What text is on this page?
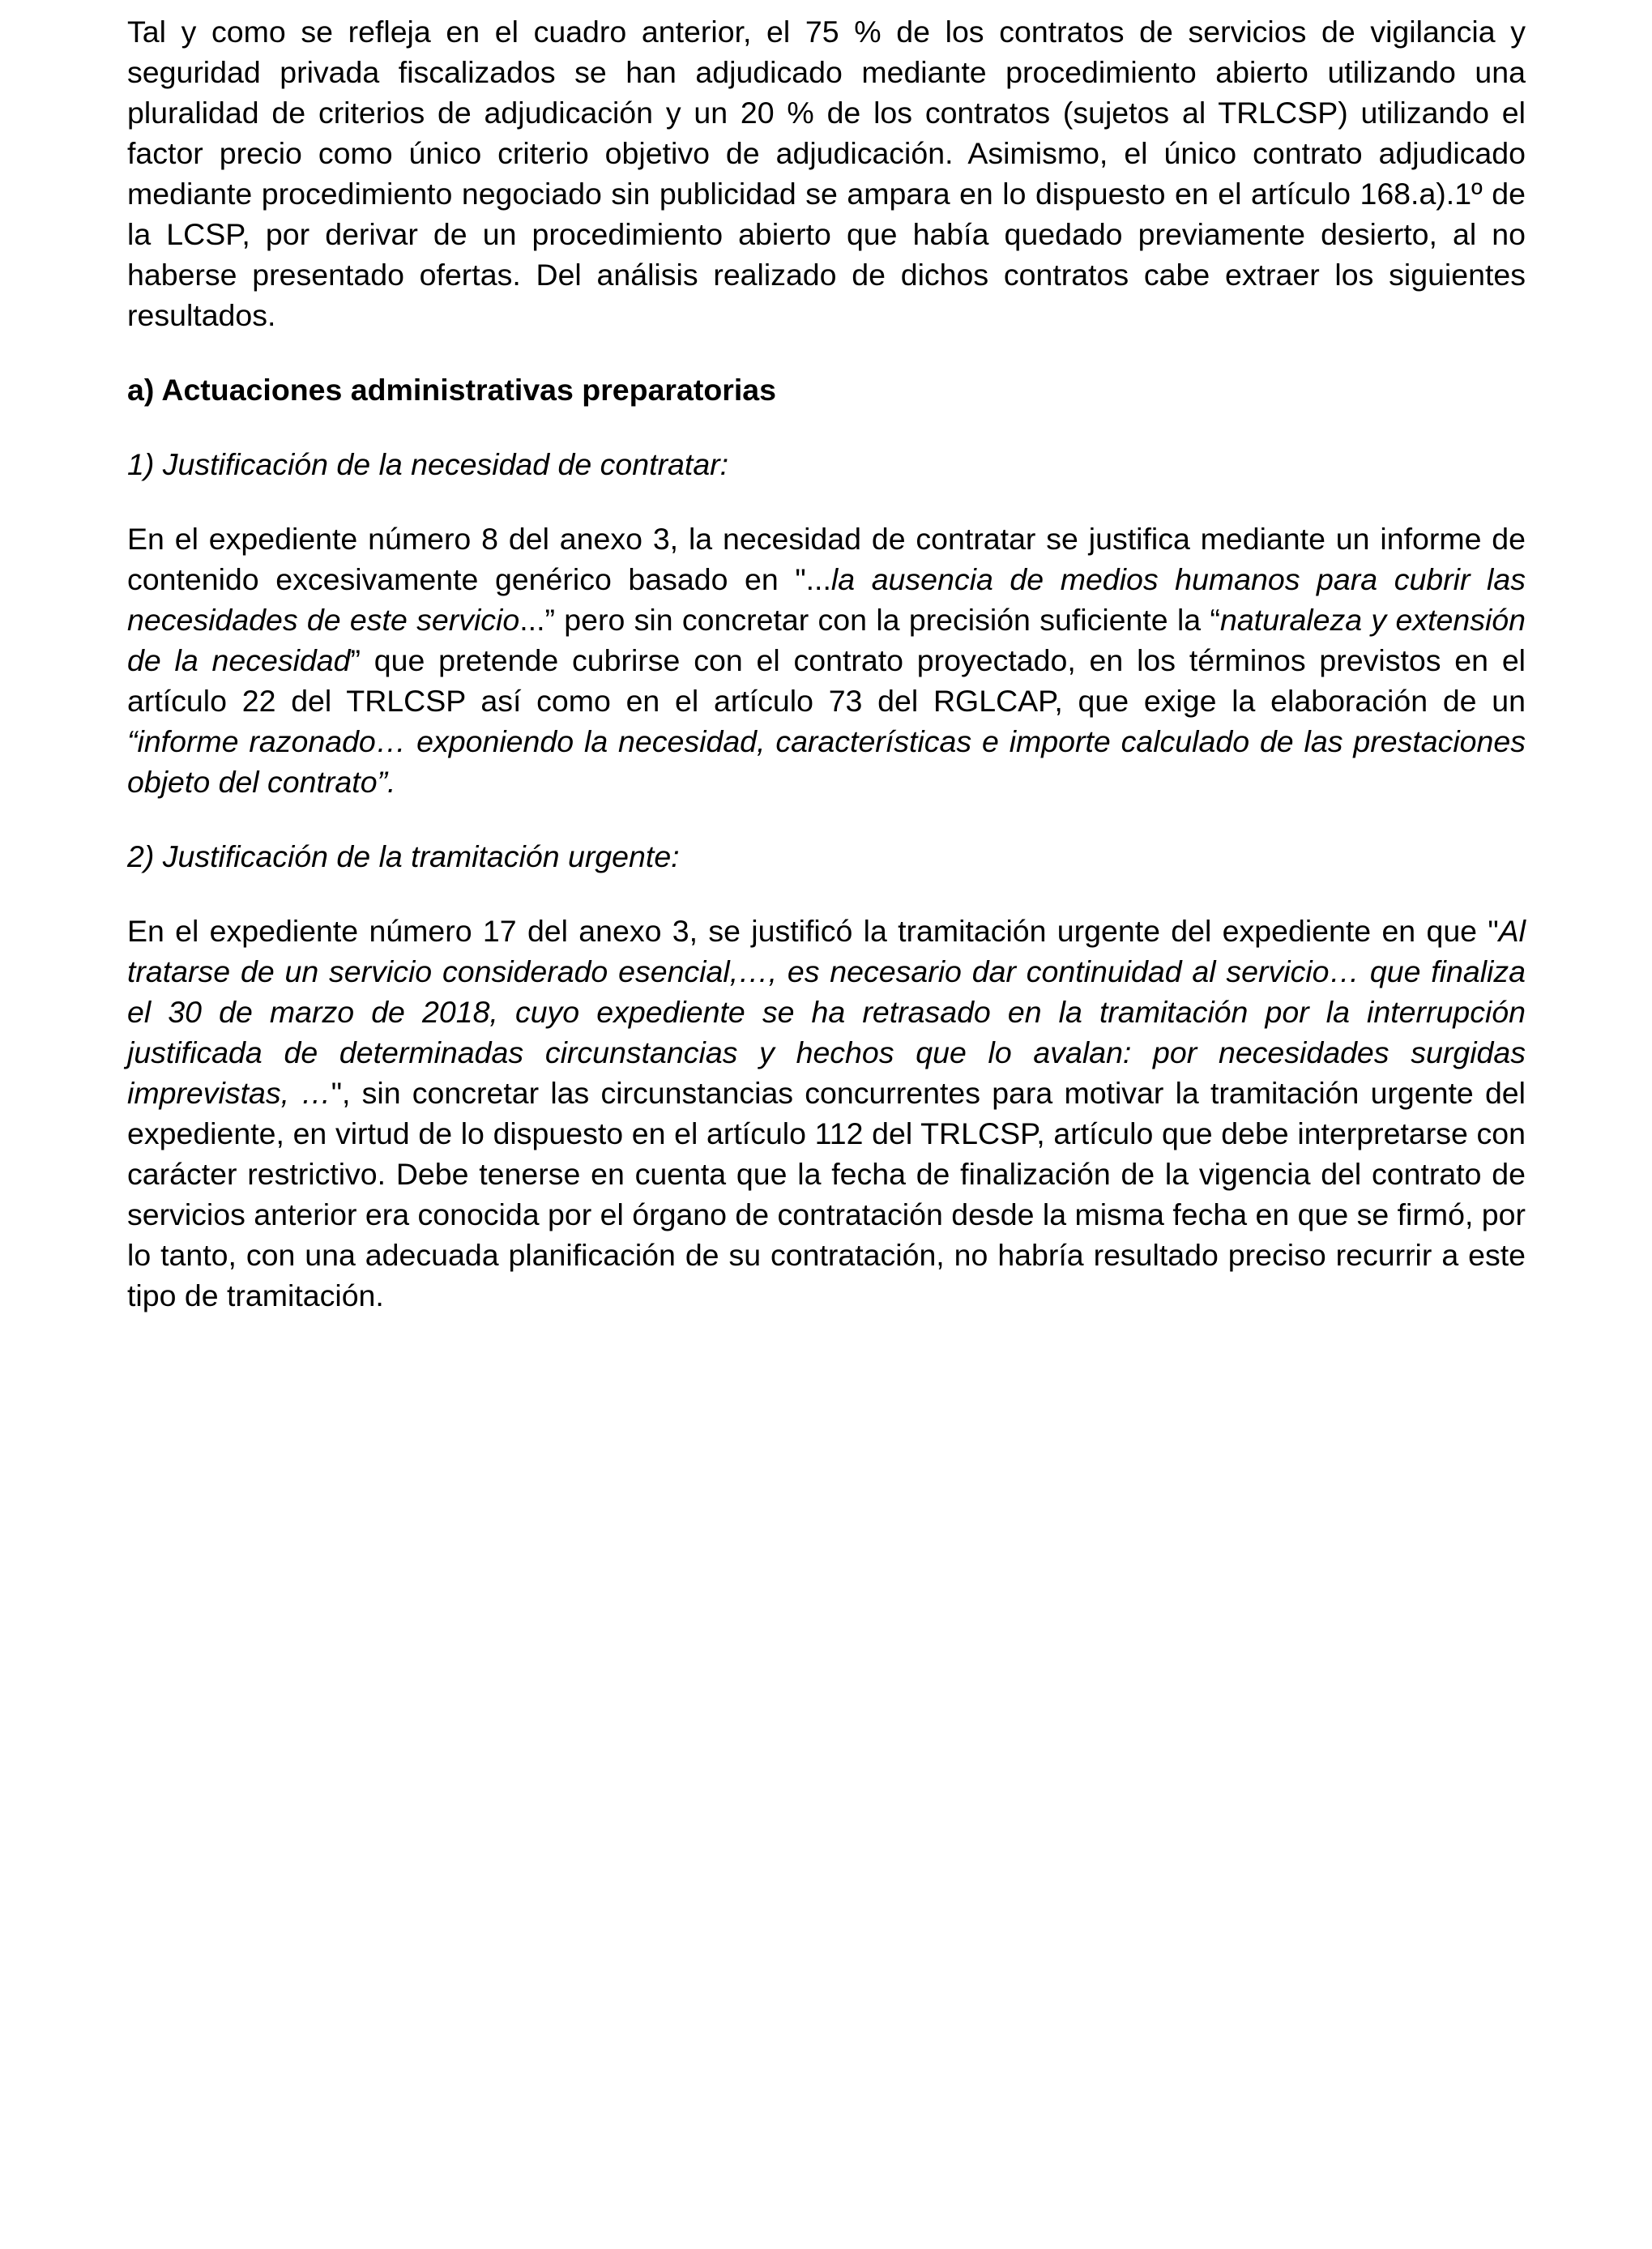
Tal y como se refleja en el cuadro anterior, el 75 % de los contratos de servicios de vigilancia y seguridad privada fiscalizados se han adjudicado mediante procedimiento abierto utilizando una pluralidad de criterios de adjudicación y un 20 % de los contratos (sujetos al TRLCSP) utilizando el factor precio como único criterio objetivo de adjudicación. Asimismo, el único contrato adjudicado mediante procedimiento negociado sin publicidad se ampara en lo dispuesto en el artículo 168.a).1º de la LCSP, por derivar de un procedimiento abierto que había quedado previamente desierto, al no haberse presentado ofertas. Del análisis realizado de dichos contratos cabe extraer los siguientes resultados.

a) Actuaciones administrativas preparatorias

1) Justificación de la necesidad de contratar:

En el expediente número 8 del anexo 3, la necesidad de contratar se justifica mediante un informe de contenido excesivamente genérico basado en "...la ausencia de medios humanos para cubrir las necesidades de este servicio...” pero sin concretar con la precisión suficiente la “naturaleza y extensión de la necesidad” que pretende cubrirse con el contrato proyectado, en los términos previstos en el artículo 22 del TRLCSP así como en el artículo 73 del RGLCAP, que exige la elaboración de un “informe razonado… exponiendo la necesidad, características e importe calculado de las prestaciones objeto del contrato”.

2) Justificación de la tramitación urgente:

En el expediente número 17 del anexo 3, se justificó la tramitación urgente del expediente en que "Al tratarse de un servicio considerado esencial,…, es necesario dar continuidad al servicio… que finaliza el 30 de marzo de 2018, cuyo expediente se ha retrasado en la tramitación por la interrupción justificada de determinadas circunstancias y hechos que lo avalan: por necesidades surgidas imprevistas, …", sin concretar las circunstancias concurrentes para motivar la tramitación urgente del expediente, en virtud de lo dispuesto en el artículo 112 del TRLCSP, artículo que debe interpretarse con carácter restrictivo. Debe tenerse en cuenta que la fecha de finalización de la vigencia del contrato de servicios anterior era conocida por el órgano de contratación desde la misma fecha en que se firmó, por lo tanto, con una adecuada planificación de su contratación, no habría resultado preciso recurrir a este tipo de tramitación.
